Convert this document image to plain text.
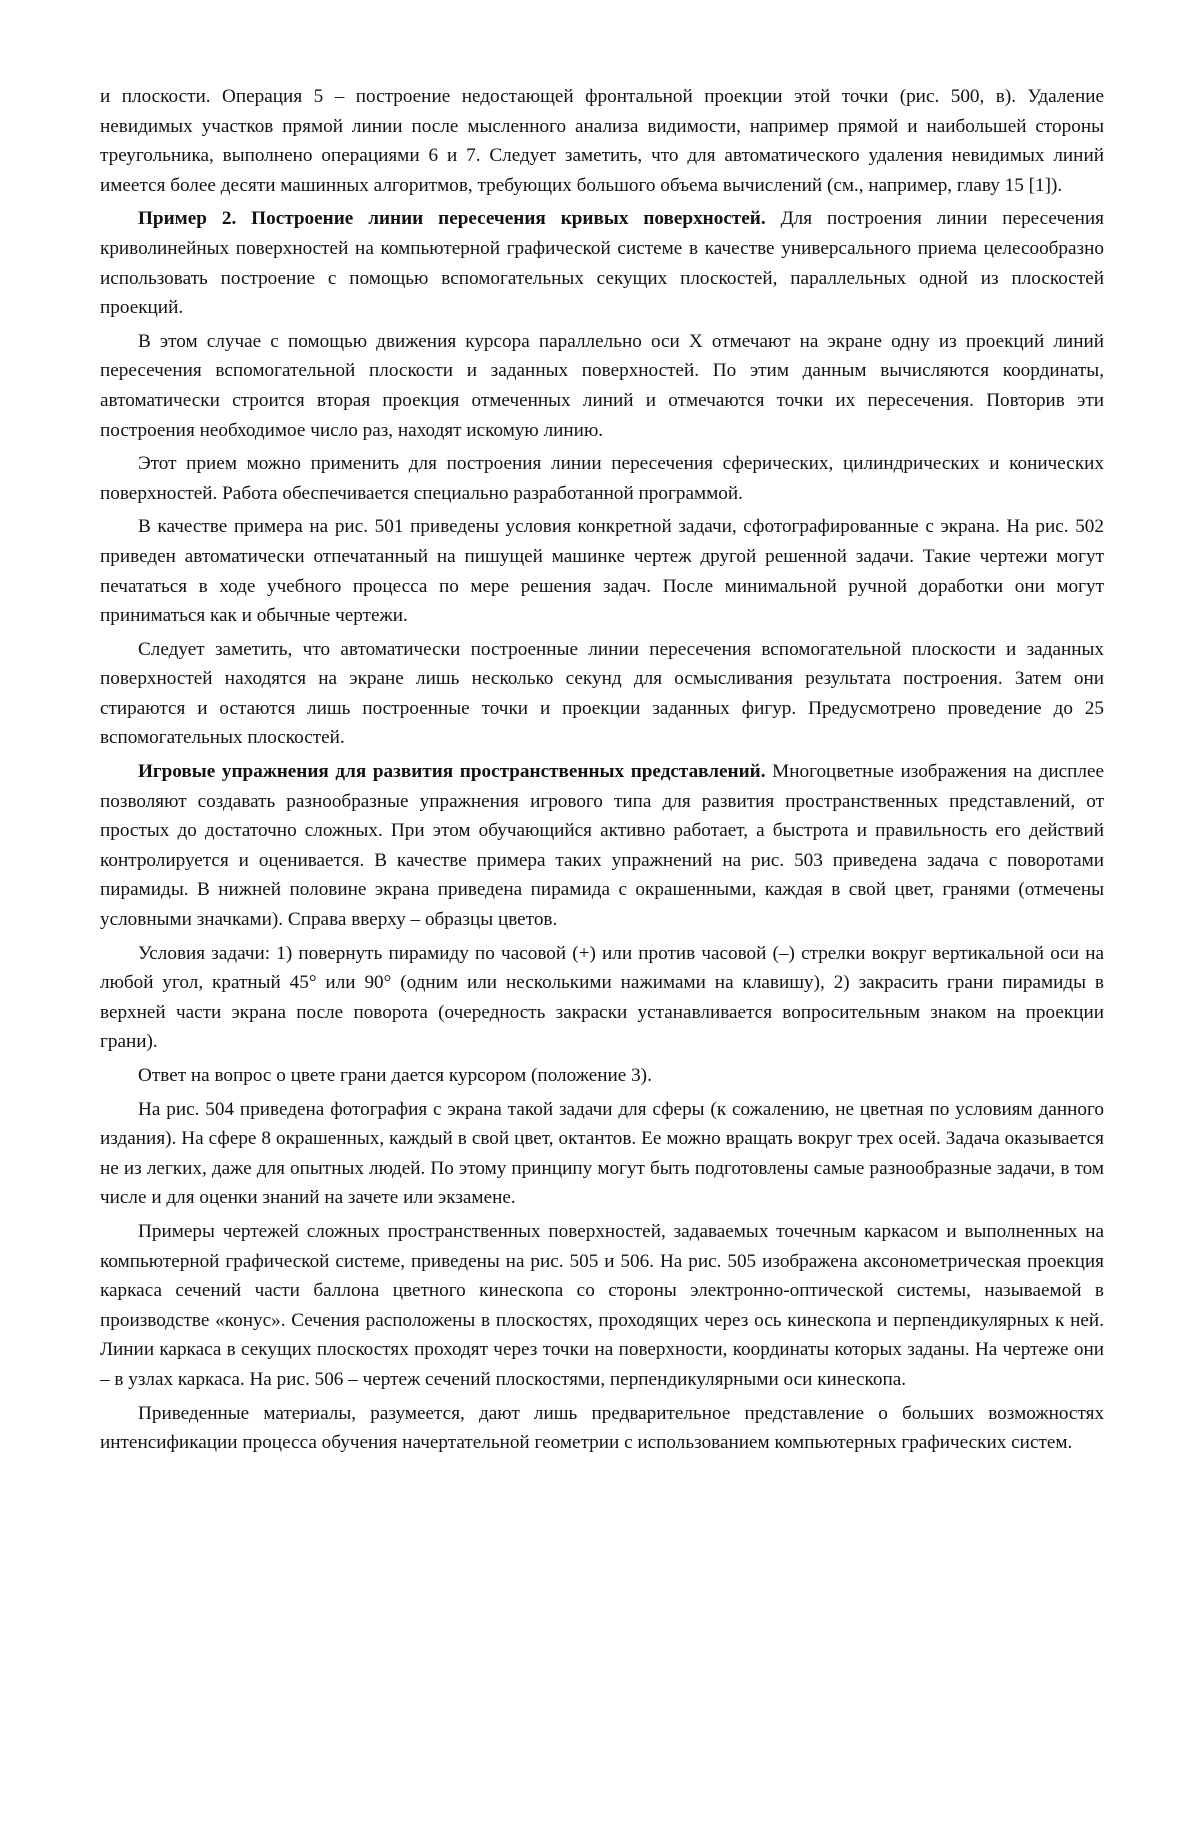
и плоскости. Операция 5 – построение недостающей фронтальной проекции этой точки (рис. 500, в). Удаление невидимых участков прямой линии после мысленного анализа видимости, например прямой и наибольшей стороны треугольника, выполнено операциями 6 и 7. Следует заметить, что для автоматического удаления невидимых линий имеется более десяти машинных алгоритмов, требующих большого объема вычислений (см., например, главу 15 [1]).

Пример 2. Построение линии пересечения кривых поверхностей. Для построения линии пересечения криволинейных поверхностей на компьютерной графической системе в качестве универсального приема целесообразно использовать построение с помощью вспомогательных секущих плоскостей, параллельных одной из плоскостей проекций.

В этом случае с помощью движения курсора параллельно оси X отмечают на экране одну из проекций линий пересечения вспомогательной плоскости и заданных поверхностей. По этим данным вычисляются координаты, автоматически строится вторая проекция отмеченных линий и отмечаются точки их пересечения. Повторив эти построения необходимое число раз, находят искомую линию.

Этот прием можно применить для построения линии пересечения сферических, цилиндрических и конических поверхностей. Работа обеспечивается специально разработанной программой.

В качестве примера на рис. 501 приведены условия конкретной задачи, сфотографированные с экрана. На рис. 502 приведен автоматически отпечатанный на пишущей машинке чертеж другой решенной задачи. Такие чертежи могут печататься в ходе учебного процесса по мере решения задач. После минимальной ручной доработки они могут приниматься как и обычные чертежи.

Следует заметить, что автоматически построенные линии пересечения вспомогательной плоскости и заданных поверхностей находятся на экране лишь несколько секунд для осмысливания результата построения. Затем они стираются и остаются лишь построенные точки и проекции заданных фигур. Предусмотрено проведение до 25 вспомогательных плоскостей.

Игровые упражнения для развития пространственных представлений. Многоцветные изображения на дисплее позволяют создавать разнообразные упражнения игрового типа для развития пространственных представлений, от простых до достаточно сложных. При этом обучающийся активно работает, а быстрота и правильность его действий контролируется и оценивается. В качестве примера таких упражнений на рис. 503 приведена задача с поворотами пирамиды. В нижней половине экрана приведена пирамида с окрашенными, каждая в свой цвет, гранями (отмечены условными значками). Справа вверху – образцы цветов.

Условия задачи: 1) повернуть пирамиду по часовой (+) или против часовой (–) стрелки вокруг вертикальной оси на любой угол, кратный 45° или 90° (одним или несколькими нажимами на клавишу), 2) закрасить грани пирамиды в верхней части экрана после поворота (очередность закраски устанавливается вопросительным знаком на проекции грани).

Ответ на вопрос о цвете грани дается курсором (положение 3).

На рис. 504 приведена фотография с экрана такой задачи для сферы (к сожалению, не цветная по условиям данного издания). На сфере 8 окрашенных, каждый в свой цвет, октантов. Ее можно вращать вокруг трех осей. Задача оказывается не из легких, даже для опытных людей. По этому принципу могут быть подготовлены самые разнообразные задачи, в том числе и для оценки знаний на зачете или экзамене.

Примеры чертежей сложных пространственных поверхностей, задаваемых точечным каркасом и выполненных на компьютерной графической системе, приведены на рис. 505 и 506. На рис. 505 изображена аксонометрическая проекция каркаса сечений части баллона цветного кинескопа со стороны электронно-оптической системы, называемой в производстве «конус». Сечения расположены в плоскостях, проходящих через ось кинескопа и перпендикулярных к ней. Линии каркаса в секущих плоскостях проходят через точки на поверхности, координаты которых заданы. На чертеже они – в узлах каркаса. На рис. 506 – чертеж сечений плоскостями, перпендикулярными оси кинескопа.

Приведенные материалы, разумеется, дают лишь предварительное представление о больших возможностях интенсификации процесса обучения начертательной геометрии с использованием компьютерных графических систем.
